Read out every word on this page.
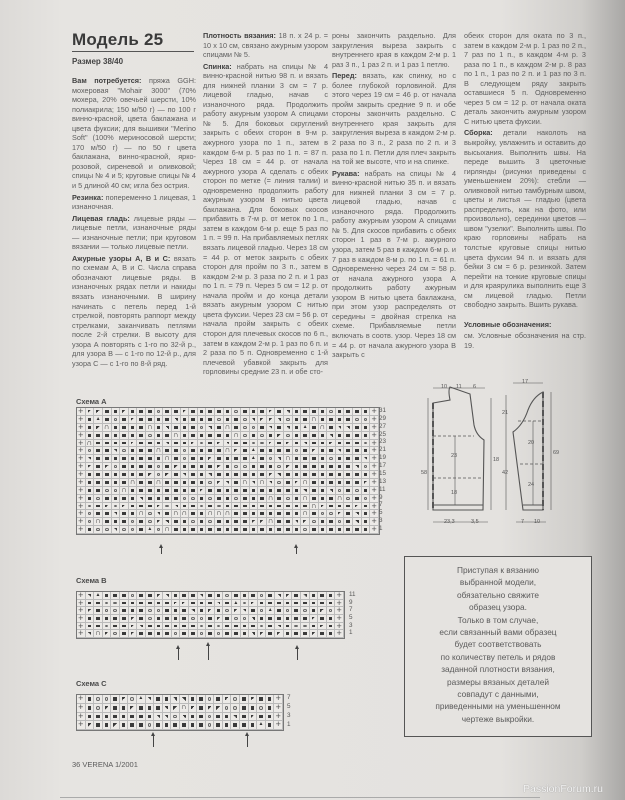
Модель 25
Размер 38/40

Вам потребуется: пряжа GGH: мохеровая "Mohair 3000" (70% мохера, 20% овечьей шерсти, 10% полиакрила; 150 м/50 г) — по 100 г винно-красной, цвета баклажана и цвета фуксии; для вышивки "Merino Soft" (100% мериносовой шерсти; 170 м/50 г) — по 50 г цвета баклажана, винно-красной, ярко-розовой, сиреневой и оливковой; спицы № 4 и 5; круговые спицы № 4 и 5 длиной 40 см; игла без острия.

Резинка: попеременно 1 лицевая, 1 изнаночная.

Лицевая гладь: лицевые ряды — лицевые петли, изнаночные ряды — изнаночные петли; при круговом вязании — только лицевые петли.

Ажурные узоры А, В и С: вязать по схемам А, В и С. Числа справа обозначают лицевые ряды. В изнаночных рядах петли и накиды вязать изнаночными. В ширину начинать с петель перед 1-й стрелкой, повторять раппорт между стрелками, заканчивать петлями после 2-й стрелки. В высоту для узора А повторять с 1-го по 32-й р., для узора В — с 1-го по 12-й р., для узора С — с 1-го по 8-й ряд.

Плотность вязания: 18 п. х 24 р. = 10 х 10 см, связано ажурным узором спицами № 5.

Спинка: набрать на спицы № 4 винно-красной нитью 98 п. и вязать для нижней планки 3 см = 7 р. лицевой гладью, начав с изнаночного ряда. Продолжить работу ажурным узором А спицами № 5. Для боковых скруглений закрыть с обеих сторон в 9-м р. ажурного узора по 1 п., затем в каждом 6-м р. 5 раз по 1 п. = 87 п. Через 18 см = 44 р. от начала ажурного узора А сделать с обеих сторон по метке (= линия талии) и одновременно продолжить работу ажурным узором В нитью цвета баклажана. Для боковых скосов прибавить в 7-м р. от меток по 1 п., затем в каждом 6-м р. еще 5 раз по 1 п. = 99 п. На прибавляемых петлях вязать лицевой гладью. Через 18 см = 44 р. от меток закрыть с обеих сторон для пройм по 3 п., затем в каждом 2-м р. 3 раза по 2 п. и 1 раз по 1 п. = 79 п. Через 5 см = 12 р. от начала пройм и до конца детали вязать ажурным узором С нитью цвета фуксии. Через 23 см = 56 р. от начала пройм закрыть с обеих сторон для плечевых скосов по 6 п., затем в каждом 2-м р. 1 раз по 6 п. и 2 раза по 5 п. Одновременно с 1-й плечевой убавкой закрыть для горловины средние 23 п. и обе сто-

роны закончить раздельно. Для закругления выреза закрыть с внутреннего края в каждом 2-м р. 1 раз 3 п., 1 раз 2 п. и 1 раз 1 петлю.

Перед: вязать, как спинку, но с более глубокой горловиной. Для этого через 19 см = 46 р. от начала пройм закрыть средние 9 п. и обе стороны закончить раздельно. С внутреннего края закрыть для закругления выреза в каждом 2-м р. 2 раза по 3 п., 2 раза по 2 п. и 3 раза по 1 п. Петли для плеч закрыть на той же высоте, что и на спинке.

Рукава: набрать на спицы № 4 винно-красной нитью 35 п. и вязать для нижней планки 3 см = 7 р. лицевой гладью, начав с изнаночного ряда. Продолжить работу ажурным узором А спицами № 5. Для скосов прибавить с обеих сторон 1 раз в 7-м р. ажурного узора, затем 5 раз в каждом 6-м р. и 7 раз в каждом 8-м р. по 1 п. = 61 п. Одновременно через 24 см = 58 р. от начала ажурного узора А продолжить работу ажурным узором В нитью цвета баклажана, при этом узор распределять от середины = двойная стрелка на схеме. Прибавляемые петли включать в соотв. узор. Через 18 см = 44 р. от начала ажурного узора В закрыть с

обеих сторон для оката по 3 п., затем в каждом 2-м р. 1 раз по 2 п., 7 раз по 1 п., в каждом 4-м р. 3 раза по 1 п., в каждом 2-м р. 8 раз по 1 п., 1 раз по 2 п. и 1 раз по 3 п. В следующем ряду закрыть оставшиеся 5 п. Одновременно через 5 см = 12 р. от начала оката деталь закончить ажурным узором С нитью цвета фуксии.

Сборка: детали наколоть на выкройку, увлажнить и оставить до высыхания. Выполнить швы. На переде вышить 3 цветочные гирлянды (рисунки приведены с уменьшением 20%): стебли — оливковой нитью тамбурным швом, цветы и листья — гладью (цвета распределить, как на фото, или произвольно), серединки цветов — швом "узелки". Выполнить швы. По краю горловины набрать на толстые круговые спицы нитью цвета фуксии 94 п. и вязать для бейки 3 см = 6 р. резинкой. Затем перейти на тонкие круговые спицы и для краярулика выполнить еще 3 см лицевой гладью. Петли свободно закрыть. Вшить рукава.

Условные обозначения:

см. Условные обозначения на стр. 19.

Схема А
+
+
+
▲
∩
+
+
∩
∩
∩
▲
∩
+
+
∩
∩
+
+
∩
+
+
∩
∩
▲
+
+
∩
▲
∩
+
+
+
+
+
+
∩
∩
∩
∩
∩
+
+
∩
+
+
∩
∩
∩
+
+
∩
+
+
∩
∩
∩
∩
∩
∩
∩
+
+
∩
∩
+
+
▲
∩
+
31
29
27
25
23
21
19
17
15
13
11
9
7
5
3
1
Схема В
+
▲
+
+
▲
+
+
▲
+
+
+
+
+
+
∩
+
11
9
7
5
3
1
Схема С
+
▲
+
+
∩
+
+
+
+
▲
+
7
5
3
1
10 11 6
58
23
18
18
21
42
23,3	3,5
17
20
24
69
7 10
Приступая к вязанию
выбранной модели,
обязательно свяжите
образец узора.
Только в том случае,
если связанный вами образец
будет соответствовать
по количеству петель и рядов
заданной плотности вязания,
размеры вязаных деталей
совпадут с данными,
приведенными на уменьшенном
чертеже выкройки.
36 VERENA 1/2001
PassionForum.ru
